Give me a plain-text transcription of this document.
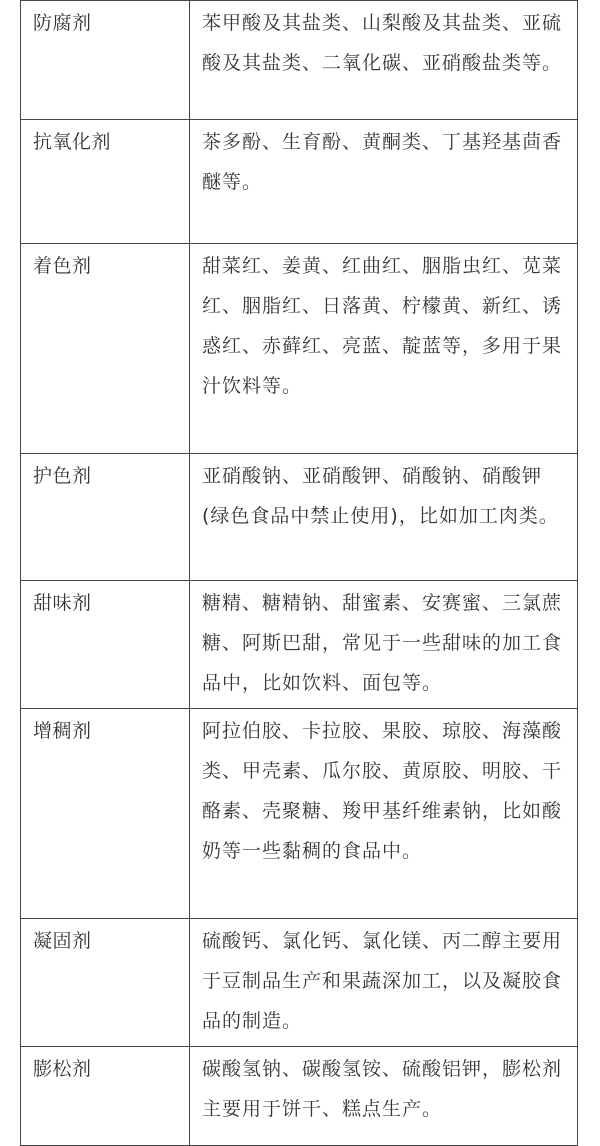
防腐剂	苯甲酸及其盐类、山梨酸及其盐类、亚硫酸及其盐类、二氧化碳、亚硝酸盐类等。
抗氧化剂	茶多酚、生育酚、黄酮类、丁基羟基茴香醚等。
着色剂	甜菜红、姜黄、红曲红、胭脂虫红、苋菜红、胭脂红、日落黄、柠檬黄、新红、诱惑红、赤藓红、亮蓝、靛蓝等，多用于果汁饮料等。
护色剂	亚硝酸钠、亚硝酸钾、硝酸钠、硝酸钾(绿色食品中禁止使用)，比如加工肉类。
甜味剂	糖精、糖精钠、甜蜜素、安赛蜜、三氯蔗糖、阿斯巴甜，常见于一些甜味的加工食品中，比如饮料、面包等。
增稠剂	阿拉伯胶、卡拉胶、果胶、琼胶、海藻酸类、甲壳素、瓜尔胶、黄原胶、明胶、干酪素、壳聚糖、羧甲基纤维素钠，比如酸奶等一些黏稠的食品中。
凝固剂	硫酸钙、氯化钙、氯化镁、丙二醇主要用于豆制品生产和果蔬深加工，以及凝胶食品的制造。
膨松剂	碳酸氢钠、碳酸氢铵、硫酸铝钾，膨松剂主要用于饼干、糕点生产。
